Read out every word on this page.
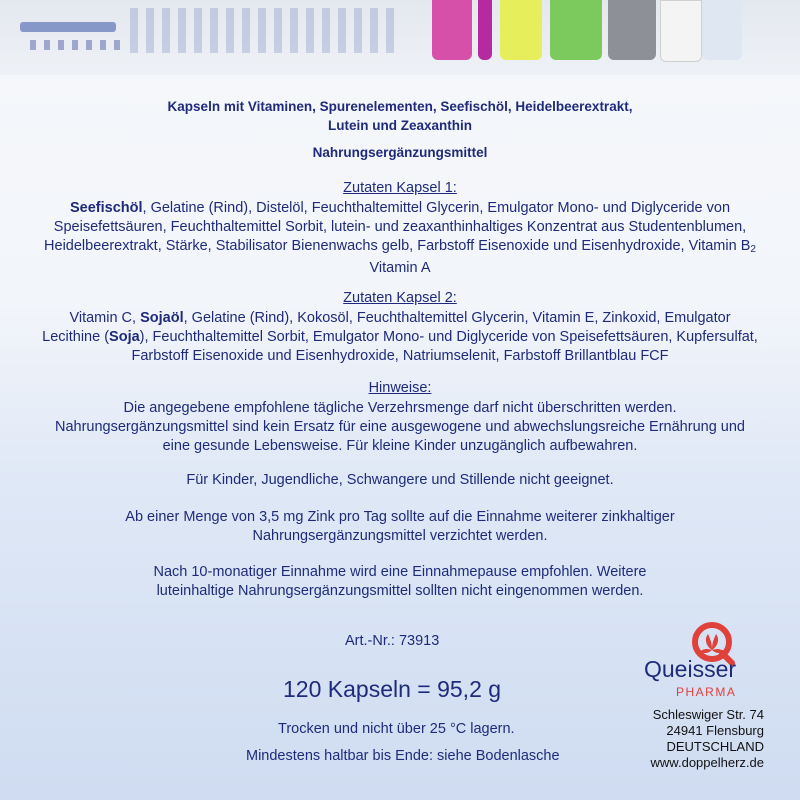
Kapseln mit Vitaminen, Spurenelementen, Seefischöl, Heidelbeerextrakt,
Lutein und Zeaxanthin
Nahrungsergänzungsmittel
Zutaten Kapsel 1:
Seefischöl, Gelatine (Rind), Distelöl, Feuchthaltemittel Glycerin, Emulgator Mono- und Diglyceride von Speisefettsäuren, Feuchthaltemittel Sorbit, lutein- und zeaxanthinhaltiges Konzentrat aus Studentenblumen, Heidelbeerextrakt, Stärke, Stabilisator Bienenwachs gelb, Farbstoff Eisenoxide und Eisenhydroxide, Vitamin $B_2$ Vitamin A
Zutaten Kapsel 2:
Vitamin C, Sojaöl, Gelatine (Rind), Kokosöl, Feuchthaltemittel Glycerin, Vitamin E, Zinkoxid, Emulgator Lecithine (Soja), Feuchthaltemittel Sorbit, Emulgator Mono- und Diglyceride von Speisefettsäuren, Kupfersulfat, Farbstoff Eisenoxide und Eisenhydroxide, Natriumselenit, Farbstoff Brillantblau FCF
Hinweise:
Die angegebene empfohlene tägliche Verzehrsmenge darf nicht überschritten werden. Nahrungsergänzungsmittel sind kein Ersatz für eine ausgewogene und abwechslungsreiche Ernährung und eine gesunde Lebensweise. Für kleine Kinder unzugänglich aufbewahren.
Für Kinder, Jugendliche, Schwangere und Stillende nicht geeignet.
Ab einer Menge von 3,5 mg Zink pro Tag sollte auf die Einnahme weiterer zinkhaltiger Nahrungsergänzungsmittel verzichtet werden.
Nach 10-monatiger Einnahme wird eine Einnahmepause empfohlen. Weitere luteinhaltige Nahrungsergänzungsmittel sollten nicht eingenommen werden.
Art.-Nr.: 73913
120 Kapseln = 95,2 g
Trocken und nicht über 25 °C lagern.
Mindestens haltbar bis Ende: siehe Bodenlasche
Queisser
PHARMA
Schleswiger Str. 74
24941 Flensburg
DEUTSCHLAND
www.doppelherz.de
